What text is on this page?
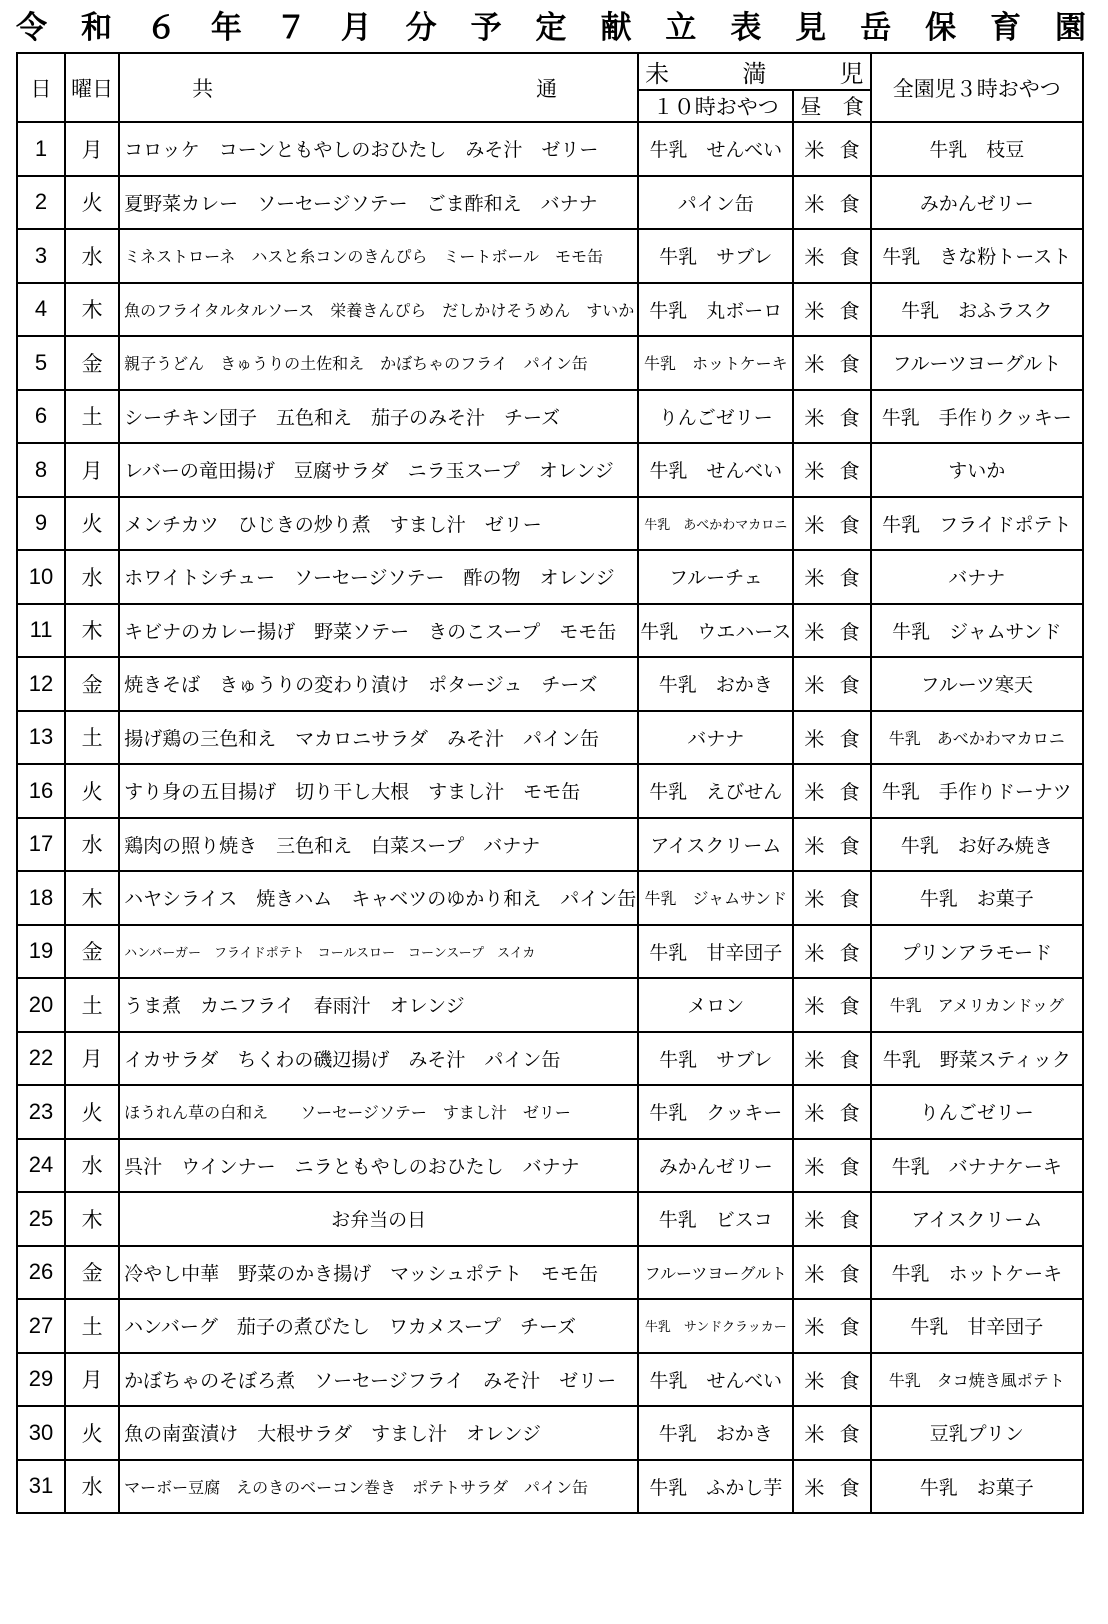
令 和 ６ 年 ７ 月 分 予 定 献 立 表 見 岳 保 育 園
日	曜日	共 通	未 満 児		全園児３時おやつ
			１０時おやつ	昼 食	

1	月	コロッケ　コーンともやしのおひたし　みそ汁　ゼリー	牛乳　せんべい	米 食	牛乳　枝豆
2	火	夏野菜カレー　ソーセージソテー　ごま酢和え　バナナ	パイン缶	米 食	みかんゼリー
3	水	ミネストローネ　ハスと糸コンのきんぴら　ミートボール　モモ缶	牛乳　サブレ	米 食	牛乳　きな粉トースト
4	木	魚のフライタルタルソース　栄養きんぴら　だしかけそうめん　すいか	牛乳　丸ボーロ	米 食	牛乳　おふラスク
5	金	親子うどん　きゅうりの土佐和え　かぼちゃのフライ　パイン缶	牛乳　ホットケーキ	米 食	フルーツヨーグルト
6	土	シーチキン団子　五色和え　茄子のみそ汁　チーズ	りんごゼリー	米 食	牛乳　手作りクッキー
8	月	レバーの竜田揚げ　豆腐サラダ　ニラ玉スープ　オレンジ	牛乳　せんべい	米 食	すいか
9	火	メンチカツ　ひじきの炒り煮　すまし汁　ゼリー	牛乳　あべかわマカロニ	米 食	牛乳　フライドポテト
10	水	ホワイトシチュー　ソーセージソテー　酢の物　オレンジ	フルーチェ	米 食	バナナ
11	木	キビナのカレー揚げ　野菜ソテー　きのこスープ　モモ缶	牛乳　ウエハース	米 食	牛乳　ジャムサンド
12	金	焼きそば　きゅうりの変わり漬け　ポタージュ　チーズ	牛乳　おかき	米 食	フルーツ寒天
13	土	揚げ鶏の三色和え　マカロニサラダ　みそ汁　パイン缶	バナナ	米 食	牛乳　あべかわマカロニ
16	火	すり身の五目揚げ　切り干し大根　すまし汁　モモ缶	牛乳　えびせん	米 食	牛乳　手作りドーナツ
17	水	鶏肉の照り焼き　三色和え　白菜スープ　バナナ	アイスクリーム	米 食	牛乳　お好み焼き
18	木	ハヤシライス　焼きハム　キャベツのゆかり和え　パイン缶	牛乳　ジャムサンド	米 食	牛乳　お菓子
19	金	ハンバーガー　フライドポテト　コールスロー　コーンスープ　スイカ	牛乳　甘辛団子	米 食	プリンアラモード
20	土	うま煮　カニフライ　春雨汁　オレンジ	メロン	米 食	牛乳　アメリカンドッグ
22	月	イカサラダ　ちくわの磯辺揚げ　みそ汁　パイン缶	牛乳　サブレ	米 食	牛乳　野菜スティック
23	火	ほうれん草の白和え　　ソーセージソテー　すまし汁　ゼリー	牛乳　クッキー	米 食	りんごゼリー
24	水	呉汁　ウインナー　ニラともやしのおひたし　バナナ	みかんゼリー	米 食	牛乳　バナナケーキ
25	木	お弁当の日	牛乳　ビスコ	米 食	アイスクリーム
26	金	冷やし中華　野菜のかき揚げ　マッシュポテト　モモ缶	フルーツヨーグルト	米 食	牛乳　ホットケーキ
27	土	ハンバーグ　茄子の煮びたし　ワカメスープ　チーズ	牛乳　サンドクラッカー	米 食	牛乳　甘辛団子
29	月	かぼちゃのそぼろ煮　ソーセージフライ　みそ汁　ゼリー	牛乳　せんべい	米 食	牛乳　タコ焼き風ポテト
30	火	魚の南蛮漬け　大根サラダ　すまし汁　オレンジ	牛乳　おかき	米 食	豆乳プリン
31	水	マーボー豆腐　えのきのベーコン巻き　ポテトサラダ　パイン缶	牛乳　ふかし芋	米 食	牛乳　お菓子
